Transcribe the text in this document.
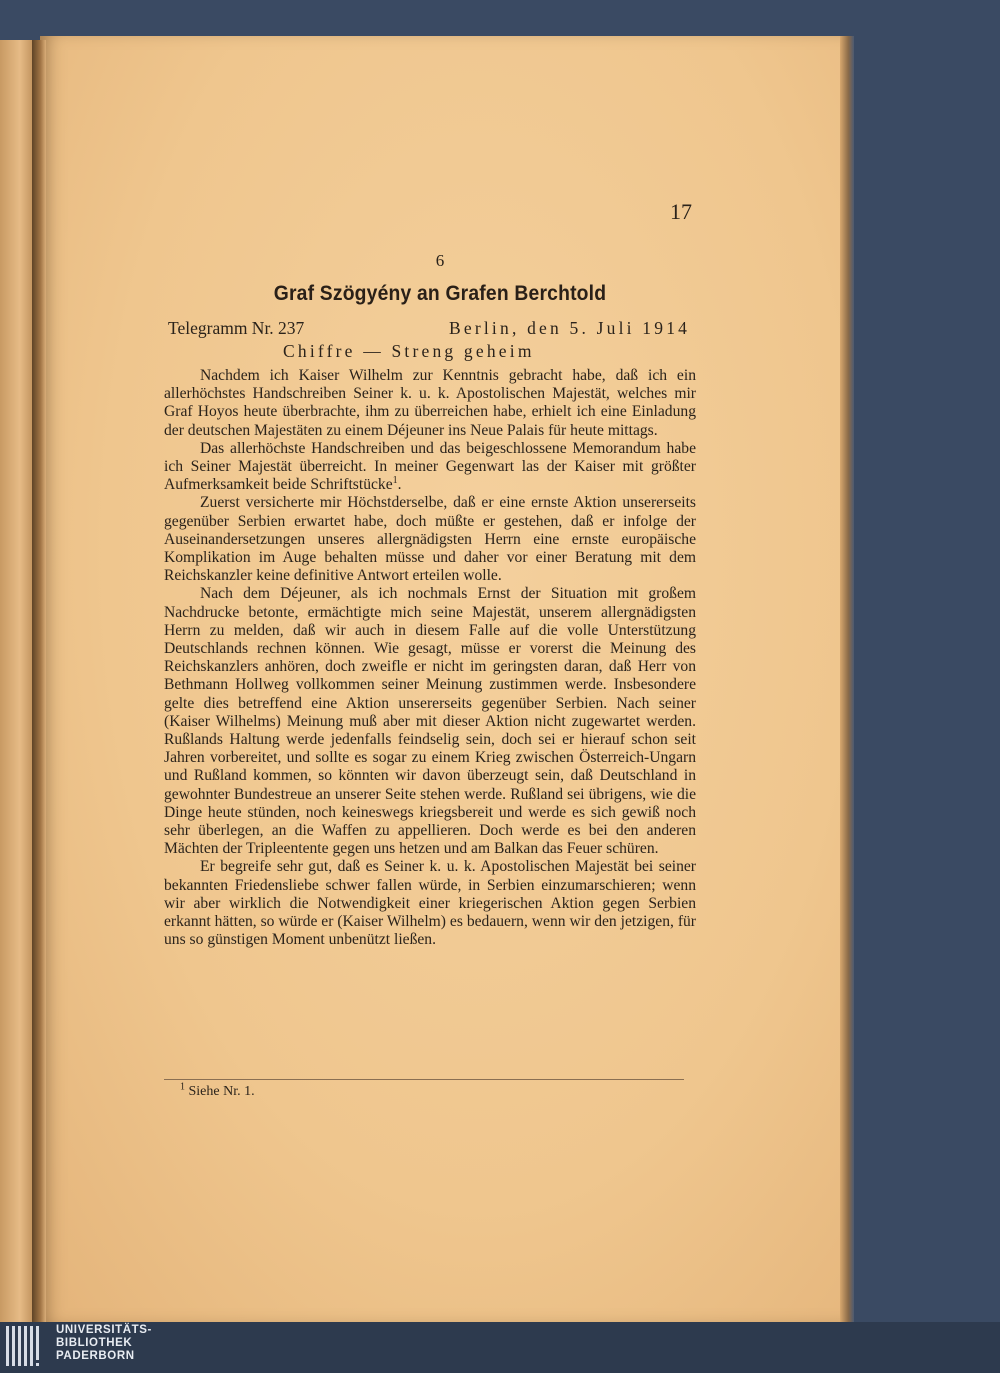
17
6
Graf Szögyény an Grafen Berchtold
Telegramm Nr. 237	Berlin, den 5. Juli 1914
Chiffre — Streng geheim

Nachdem ich Kaiser Wilhelm zur Kenntnis gebracht habe, daß ich ein allerhöchstes Handschreiben Seiner k. u. k. Apostolischen Majestät, welches mir Graf Hoyos heute überbrachte, ihm zu überreichen habe, erhielt ich eine Einladung der deutschen Majestäten zu einem Déjeuner ins Neue Palais für heute mittags.

Das allerhöchste Handschreiben und das beigeschlossene Memorandum habe ich Seiner Majestät überreicht. In meiner Gegenwart las der Kaiser mit größter Aufmerksamkeit beide Schriftstücke$^1$.

Zuerst versicherte mir Höchstderselbe, daß er eine ernste Aktion unsererseits gegenüber Serbien erwartet habe, doch müßte er gestehen, daß er infolge der Auseinandersetzungen unseres allergnädigsten Herrn eine ernste europäische Komplikation im Auge behalten müsse und daher vor einer Beratung mit dem Reichskanzler keine definitive Antwort erteilen wolle.

Nach dem Déjeuner, als ich nochmals Ernst der Situation mit großem Nachdrucke betonte, ermächtigte mich seine Majestät, unserem allergnädigsten Herrn zu melden, daß wir auch in diesem Falle auf die volle Unterstützung Deutschlands rechnen können. Wie gesagt, müsse er vorerst die Meinung des Reichskanzlers anhören, doch zweifle er nicht im geringsten daran, daß Herr von Bethmann Hollweg vollkommen seiner Meinung zustimmen werde. Insbesondere gelte dies betreffend eine Aktion unsererseits gegenüber Serbien. Nach seiner (Kaiser Wilhelms) Meinung muß aber mit dieser Aktion nicht zugewartet werden. Rußlands Haltung werde jedenfalls feindselig sein, doch sei er hierauf schon seit Jahren vorbereitet, und sollte es sogar zu einem Krieg zwischen Österreich-Ungarn und Rußland kommen, so könnten wir davon überzeugt sein, daß Deutschland in gewohnter Bundestreue an unserer Seite stehen werde. Rußland sei übrigens, wie die Dinge heute stünden, noch keineswegs kriegsbereit und werde es sich gewiß noch sehr überlegen, an die Waffen zu appellieren. Doch werde es bei den anderen Mächten der Tripleentente gegen uns hetzen und am Balkan das Feuer schüren.

Er begreife sehr gut, daß es Seiner k. u. k. Apostolischen Majestät bei seiner bekannten Friedensliebe schwer fallen würde, in Serbien einzumarschieren; wenn wir aber wirklich die Notwendigkeit einer kriegerischen Aktion gegen Serbien erkannt hätten, so würde er (Kaiser Wilhelm) es bedauern, wenn wir den jetzigen, für uns so günstigen Moment unbenützt ließen.

$^1$ Siehe Nr. 1.
UNIVERSITÄTS-
BIBLIOTHEK
PADERBORN
